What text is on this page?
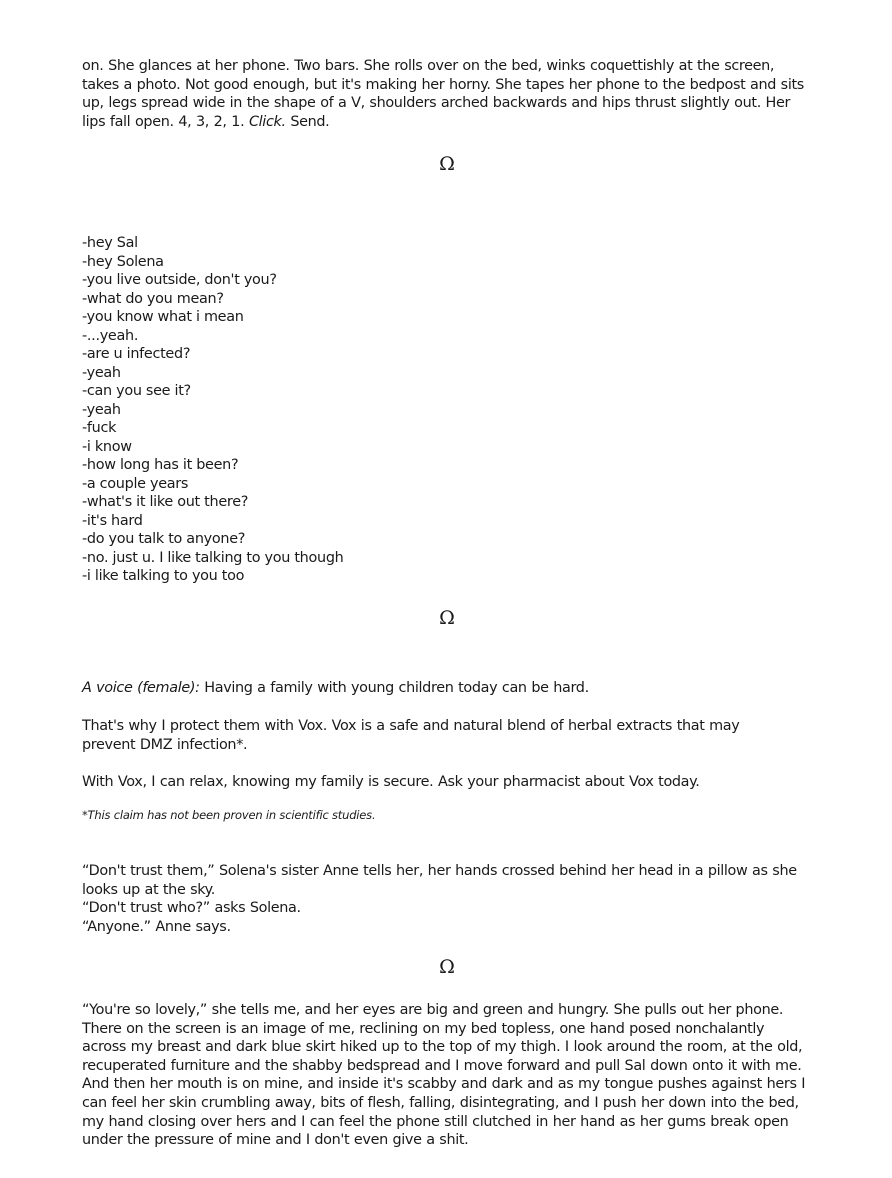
on. She glances at her phone. Two bars. She rolls over on the bed, winks coquettishly at the screen, takes a photo. Not good enough, but it's making her horny. She tapes her phone to the bedpost and sits up, legs spread wide in the shape of a V, shoulders arched backwards and hips thrust slightly out. Her lips fall open. 4, 3, 2, 1. Click. Send.

Ω
-hey Sal
-hey Solena
-you live outside, don't you?
-what do you mean?
-you know what i mean
-...yeah.
-are u infected?
-yeah
-can you see it?
-yeah
-fuck
-i know
-how long has it been?
-a couple years
-what's it like out there?
-it's hard
-do you talk to anyone?
-no. just u. I like talking to you though
-i like talking to you too
Ω

A voice (female): Having a family with young children today can be hard.

That's why I protect them with Vox. Vox is a safe and natural blend of herbal extracts that may prevent DMZ infection*.

With Vox, I can relax, knowing my family is secure. Ask your pharmacist about Vox today.

*This claim has not been proven in scientific studies.

“Don't trust them,” Solena's sister Anne tells her, her hands crossed behind her head in a pillow as she looks up at the sky.

“Don't trust who?” asks Solena.

“Anyone.” Anne says.

Ω

“You're so lovely,” she tells me, and her eyes are big and green and hungry. She pulls out her phone. There on the screen is an image of me, reclining on my bed topless, one hand posed nonchalantly across my breast and dark blue skirt hiked up to the top of my thigh. I look around the room, at the old, recuperated furniture and the shabby bedspread and I move forward and pull Sal down onto it with me. And then her mouth is on mine, and inside it's scabby and dark and as my tongue pushes against hers I can feel her skin crumbling away, bits of flesh, falling, disintegrating, and I push her down into the bed, my hand closing over hers and I can feel the phone still clutched in her hand as her gums break open under the pressure of mine and I don't even give a shit.
